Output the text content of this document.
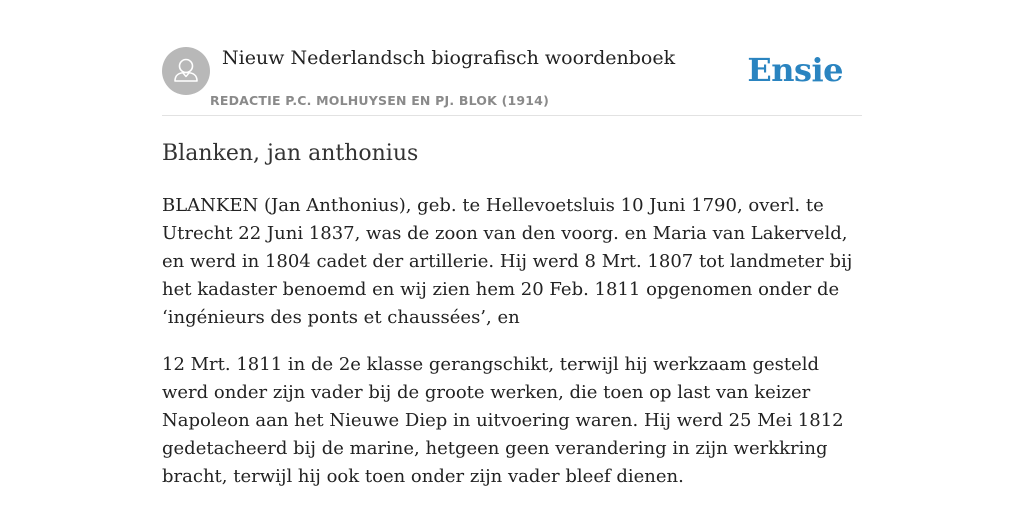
Nieuw Nederlandsch biografisch woordenboek
REDACTIE P.C. MOLHUYSEN EN PJ. BLOK (1914)
Ensie
Blanken, jan anthonius

BLANKEN (Jan Anthonius), geb. te Hellevoetsluis 10 Juni 1790, overl. te Utrecht 22 Juni 1837, was de zoon van den voorg. en Maria van Lakerveld, en werd in 1804 cadet der artillerie. Hij werd 8 Mrt. 1807 tot landmeter bij het kadaster benoemd en wij zien hem 20 Feb. 1811 opgenomen onder de ‘ingénieurs des ponts et chaussées’, en

12 Mrt. 1811 in de 2e klasse gerangschikt, terwijl hij werkzaam gesteld werd onder zijn vader bij de groote werken, die toen op last van keizer Napoleon aan het Nieuwe Diep in uitvoering waren. Hij werd 25 Mei 1812 gedetacheerd bij de marine, hetgeen geen verandering in zijn werkkring bracht, terwijl hij ook toen onder zijn vader bleef dienen.
